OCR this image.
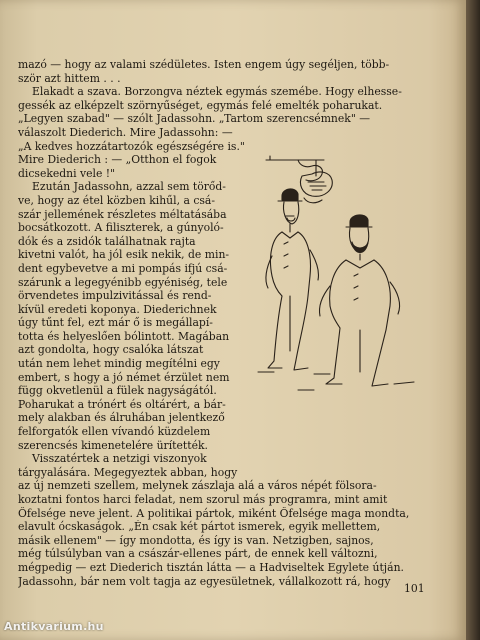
mazó — hogy az valami szédületes. Isten engem úgy segéljen, több-
ször azt hittem . . .
Elakadt a szava. Borzongva néztek egymás szemébe. Hogy elhesse-
gessék az elképzelt szörnyűséget, egymás felé emelték poharukat.
„Legyen szabad" — szólt Jadassohn. „Tartom szerencsémnek" —
válaszolt Diederich. Mire Jadassohn: —
„A kedves hozzátartozók egészségére is."
Mire Diederich : — „Otthon el fogok
dicsekedni vele !"
Ezután Jadassohn, azzal sem törőd-
ve, hogy az étel közben kihűl, a csá-
szár jellemének részletes méltatásába
bocsátkozott. A filiszterek, a gúnyoló-
dók és a zsidók találhatnak rajta
kivetni valót, ha jól esik nekik, de min-
dent egybevetve a mi pompás ifjú csá-
szárunk a legegyénibb egyéniség, tele
örvendetes impulzivitással és rend-
kívül eredeti koponya. Diederichnek
úgy tűnt fel, ezt már ő is megállapí-
totta és helyeslően bólintott. Magában
azt gondolta, hogy csalóka látszat
után nem lehet mindig megítélni egy
embert, s hogy a jó német érzület nem
függ okvetlenül a fülek nagyságától.
Poharukat a trónért és oltárért, a bár-
mely alakban és álruhában jelentkező
felforgatók ellen vívandó küzdelem
szerencsés kimenetelére ürítették.
Visszatértek a netzigi viszonyok
tárgyalására. Megegyeztek abban, hogy
az új nemzeti szellem, melynek zászlaja alá a város népét fölsora-
koztatni fontos harci feladat, nem szorul más programra, mint amit
Őfelsége neve jelent. A politikai pártok, miként Őfelsége maga mondta,
elavult ócskaságok. „Én csak két pártot ismerek, egyik mellettem,
másik ellenem" — így mondotta, és így is van. Netzigben, sajnos,
még túlsúlyban van a császár-ellenes párt, de ennek kell változni,
mégpedig — ezt Diederich tisztán látta — a Hadviseltek Egylete útján.
Jadassohn, bár nem volt tagja az egyesületnek, vállalkozott rá, hogy
101
Antikvarium.hu
